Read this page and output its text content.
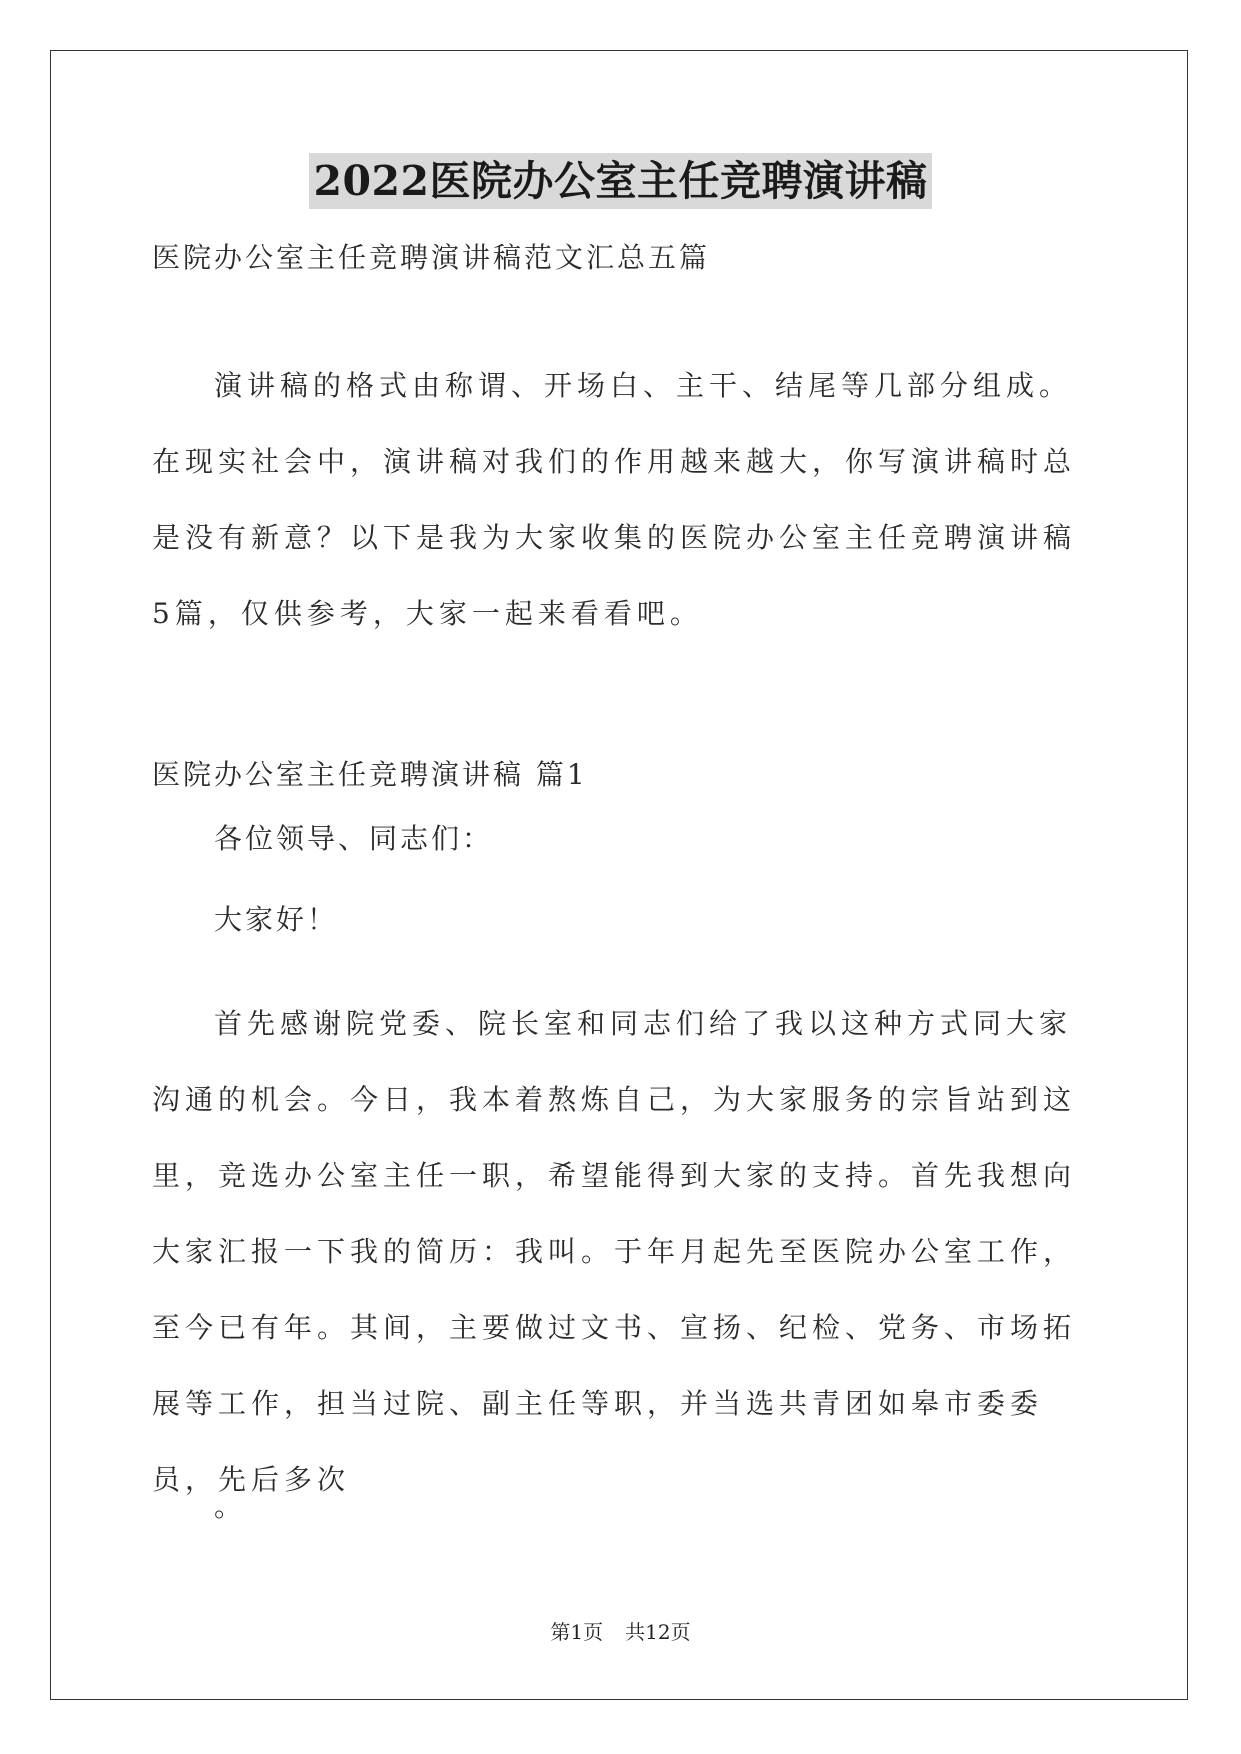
2022医院办公室主任竞聘演讲稿
医院办公室主任竞聘演讲稿范文汇总五篇
演讲稿的格式由称谓、开场白、主干、结尾等几部分组成。在现实社会中，演讲稿对我们的作用越来越大，你写演讲稿时总是没有新意？以下是我为大家收集的医院办公室主任竞聘演讲稿5篇，仅供参考，大家一起来看看吧。
医院办公室主任竞聘演讲稿 篇1
各位领导、同志们：
大家好！
首先感谢院党委、院长室和同志们给了我以这种方式同大家沟通的机会。今日，我本着熬炼自己，为大家服务的宗旨站到这里，竞选办公室主任一职，希望能得到大家的支持。首先我想向大家汇报一下我的简历：我叫。于年月起先至医院办公室工作，至今已有年。其间，主要做过文书、宣扬、纪检、党务、市场拓展等工作，担当过院、副主任等职，并当选共青团如皋市委委员，先后多次
。
第1页 共12页
